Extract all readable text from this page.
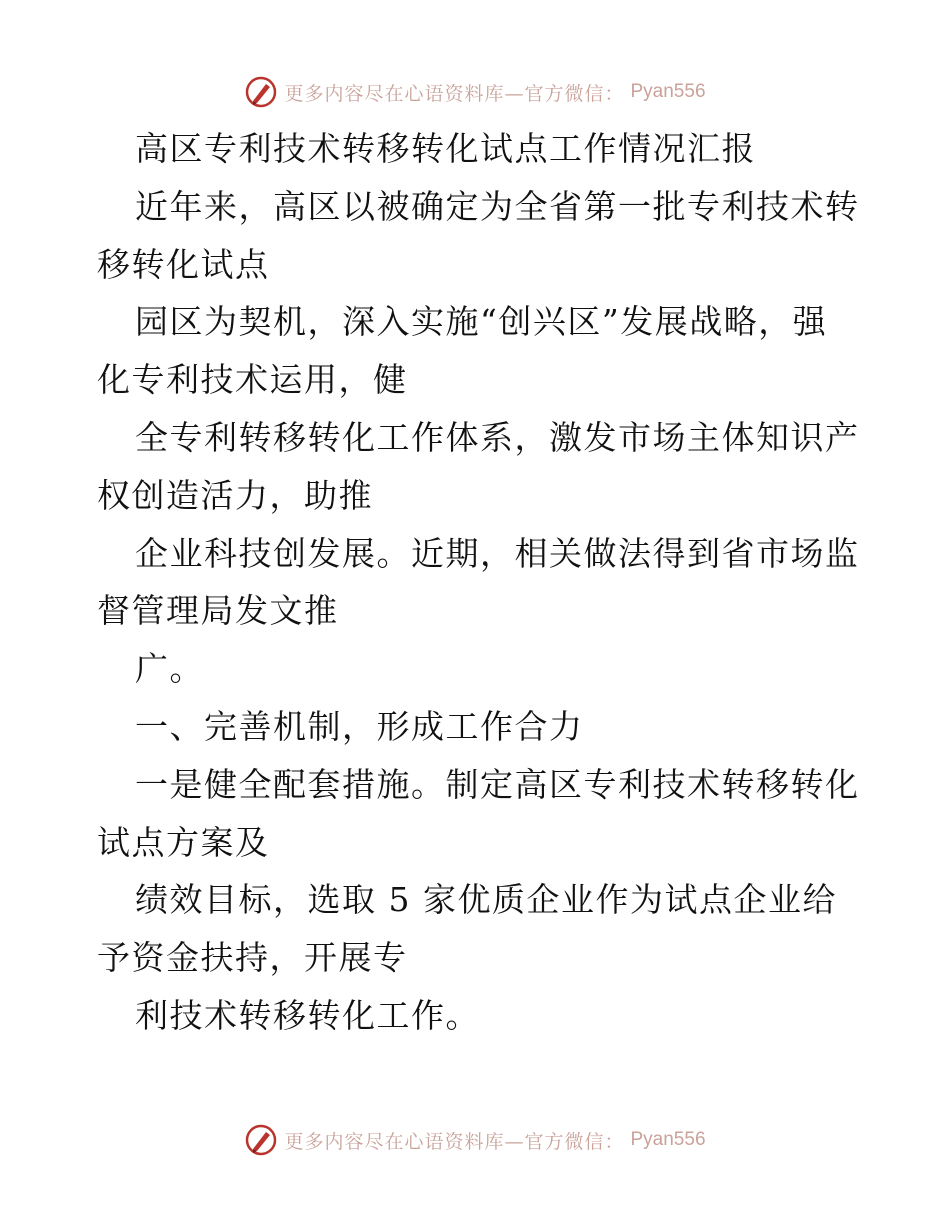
更多内容尽在心语资料库—官方微信： Pyan556
高区专利技术转移转化试点工作情况汇报
近年来，高区以被确定为全省第一批专利技术转
移转化试点
园区为契机，深入实施“创兴区”发展战略，强
化专利技术运用，健
全专利转移转化工作体系，激发市场主体知识产
权创造活力，助推
企业科技创发展。近期，相关做法得到省市场监
督管理局发文推
广。
一、完善机制，形成工作合力
一是健全配套措施。制定高区专利技术转移转化
试点方案及
绩效目标，选取 5 家优质企业作为试点企业给
予资金扶持，开展专
利技术转移转化工作。
更多内容尽在心语资料库—官方微信： Pyan556
